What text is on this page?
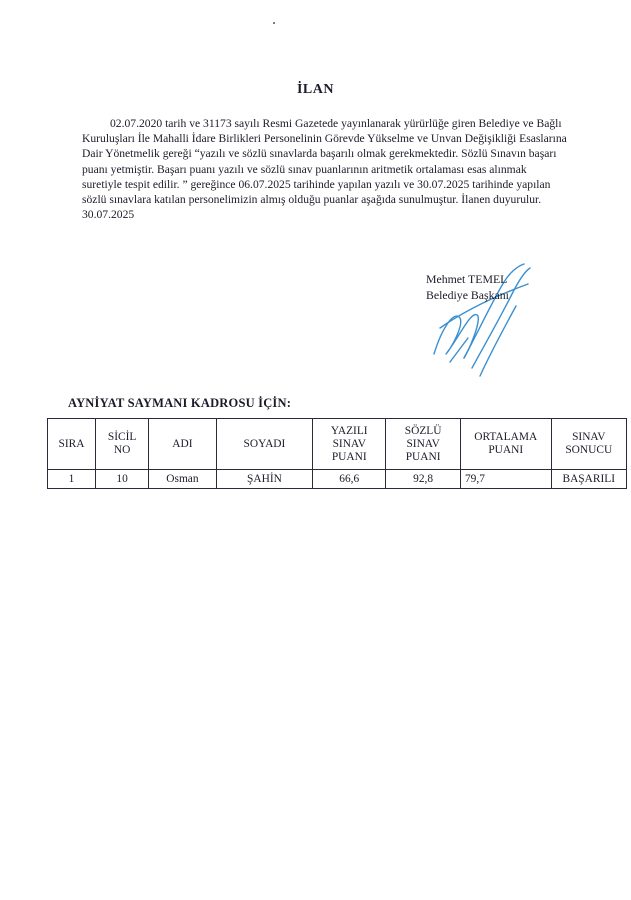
İLAN
02.07.2020 tarih ve 31173 sayılı Resmi Gazetede yayınlanarak yürürlüğe giren Belediye ve Bağlı Kuruluşları İle Mahalli İdare Birlikleri Personelinin Görevde Yükselme ve Unvan Değişikliği Esaslarına Dair Yönetmelik gereği “yazılı ve sözlü sınavlarda başarılı olmak gerekmektedir. Sözlü Sınavın başarı puanı yetmiştir. Başarı puanı yazılı ve sözlü sınav puanlarının aritmetik ortalaması esas alınmak suretiyle tespit edilir. ” gereğince 06.07.2025 tarihinde yapılan yazılı ve 30.07.2025 tarihinde yapılan sözlü sınavlara katılan personelimizin almış olduğu puanlar aşağıda sunulmuştur. İlanen duyurulur. 30.07.2025
Mehmet TEMEL
Belediye Başkanı
AYNİYAT SAYMANI KADROSU İÇİN:
SIRA	SİCİL NO	ADI	SOYADI	YAZILI SINAV PUANI	SÖZLÜ SINAV PUANI	ORTALAMA PUANI	SINAV SONUCU

1	10	Osman	ŞAHİN	66,6	92,8	79,7	BAŞARILI
